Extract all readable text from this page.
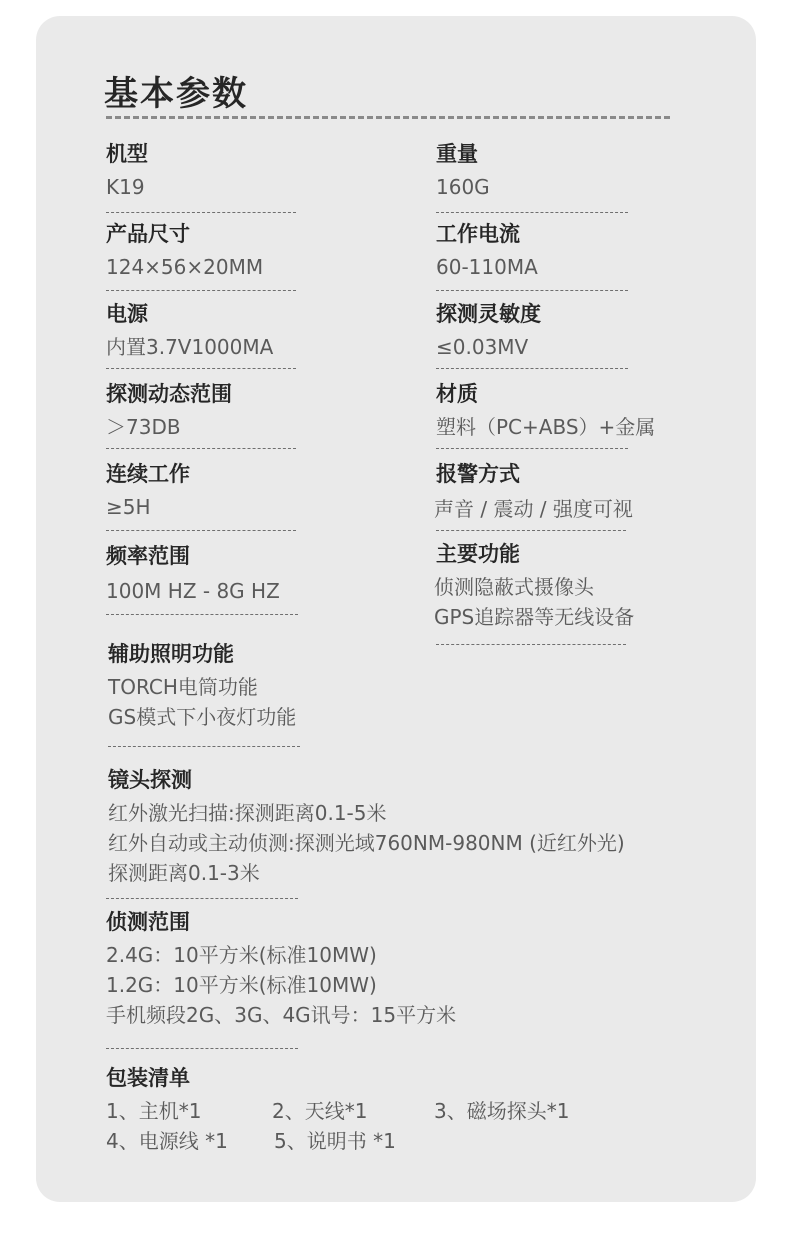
基本参数
机型
K19
产品尺寸
124×56×20MM
电源
内置3.7V1000MA
探测动态范围
＞73DB
连续工作
≥5H
频率范围
100M HZ - 8G HZ
重量
160G
工作电流
60-110MA
探测灵敏度
≤0.03MV
材质
塑料（PC+ABS）+金属
报警方式
声音 / 震动 / 强度可视
主要功能
侦测隐蔽式摄像头
GPS追踪器等无线设备
辅助照明功能
TORCH电筒功能
GS模式下小夜灯功能
镜头探测
红外激光扫描:探测距离0.1-5米
红外自动或主动侦测:探测光域760NM-980NM (近红外光)
探测距离0.1-3米
侦测范围
2.4G：10平方米(标准10MW)
1.2G：10平方米(标准10MW)
手机频段2G、3G、4G讯号：15平方米
包装清单
1、主机*1	2、天线*1	3、磁场探头*1
4、电源线 *1 5、说明书 *1
